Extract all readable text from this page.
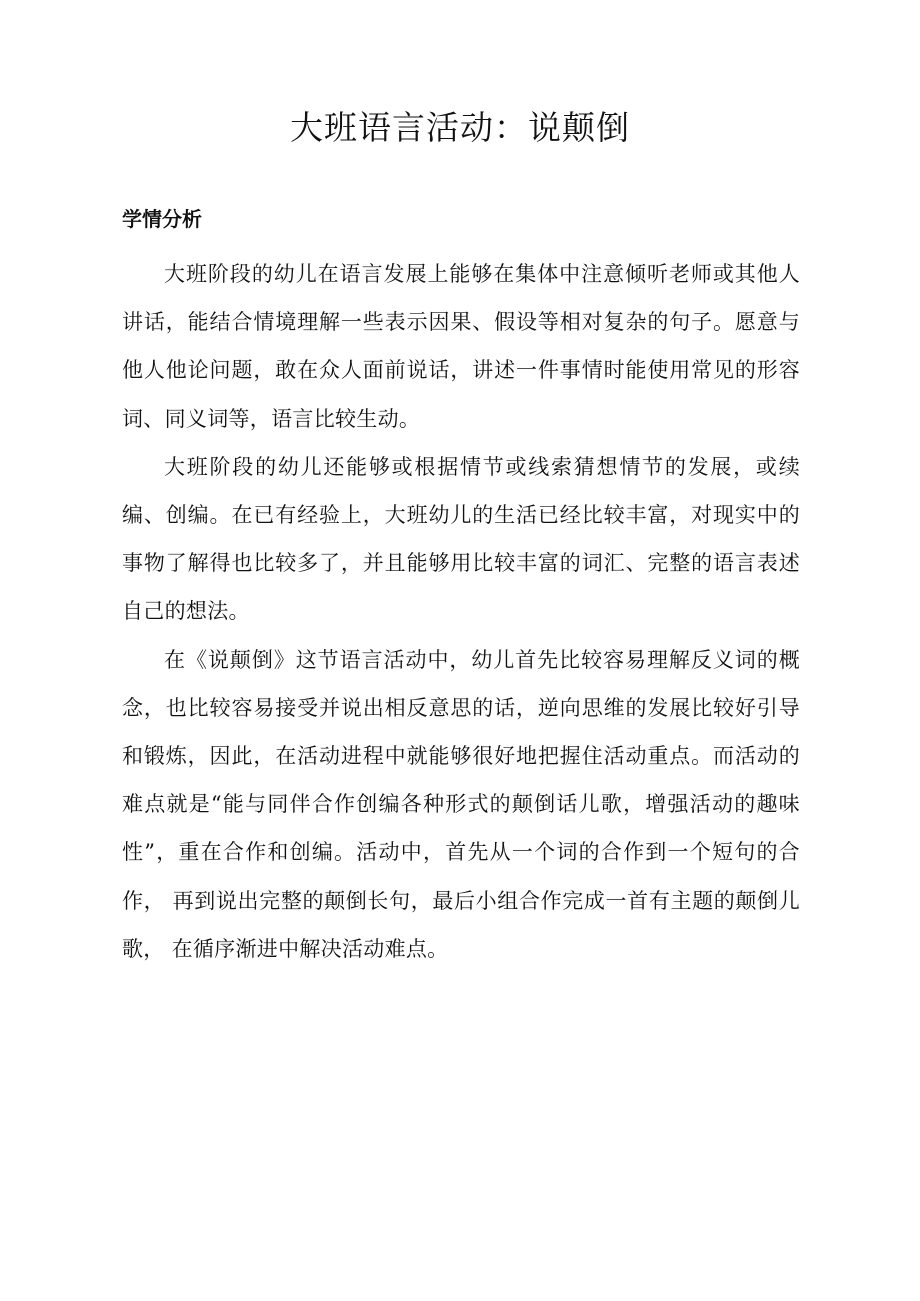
大班语言活动：说颠倒
学情分析

大班阶段的幼儿在语言发展上能够在集体中注意倾听老师或其他人讲话，能结合情境理解一些表示因果、假设等相对复杂的句子。愿意与他人他论问题，敢在众人面前说话，讲述一件事情时能使用常见的形容词、同义词等，语言比较生动。

大班阶段的幼儿还能够或根据情节或线索猜想情节的发展，或续编、创编。在已有经验上，大班幼儿的生活已经比较丰富，对现实中的事物了解得也比较多了，并且能够用比较丰富的词汇、完整的语言表述自己的想法。

在《说颠倒》这节语言活动中，幼儿首先比较容易理解反义词的概念，也比较容易接受并说出相反意思的话，逆向思维的发展比较好引导和锻炼，因此，在活动进程中就能够很好地把握住活动重点。而活动的难点就是“能与同伴合作创编各种形式的颠倒话儿歌，增强活动的趣味性”，重在合作和创编。活动中，首先从一个词的合作到一个短句的合作， 再到说出完整的颠倒长句，最后小组合作完成一首有主题的颠倒儿歌， 在循序渐进中解决活动难点。
